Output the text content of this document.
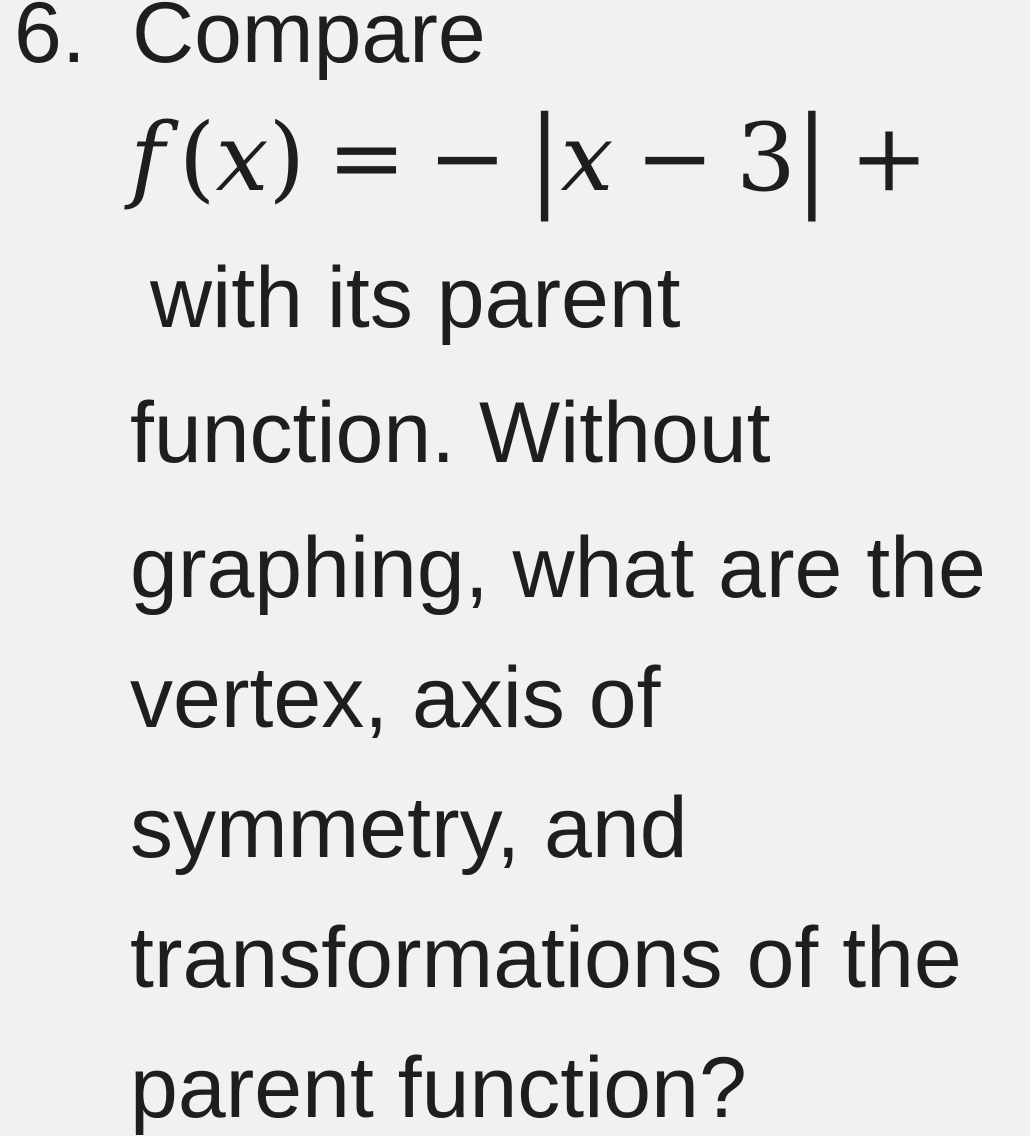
6. Compare
f (x) = − |x − 3| +
with its parent
function. Without
graphing, what are the
vertex, axis of
symmetry, and
transformations of the
parent function?
